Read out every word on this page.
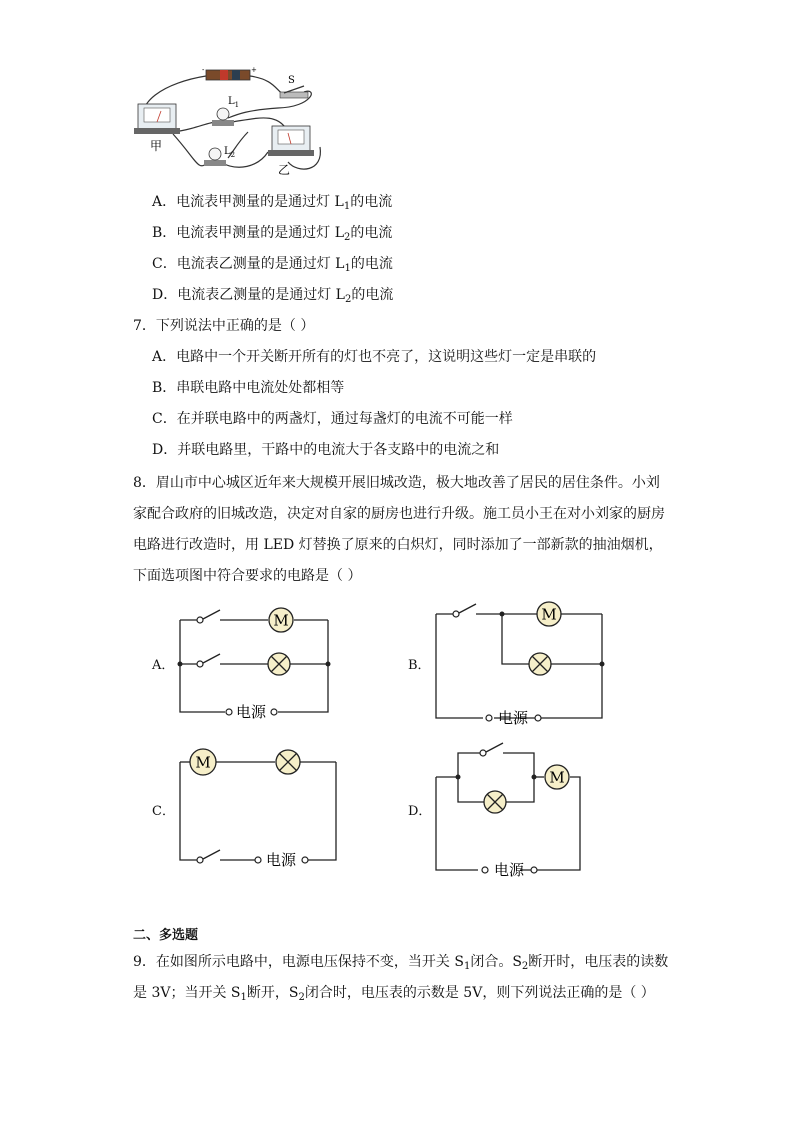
-	+
S
甲
$L_1$
$L_2$
乙
A．电流表甲测量的是通过灯 $L_1$的电流
B．电流表甲测量的是通过灯 $L_2$的电流
C．电流表乙测量的是通过灯 $L_1$的电流
D．电流表乙测量的是通过灯 $L_2$的电流
7．下列说法中正确的是（ ）
A．电路中一个开关断开所有的灯也不亮了，这说明这些灯一定是串联的
B．串联电路中电流处处都相等
C．在并联电路中的两盏灯，通过每盏灯的电流不可能一样
D．并联电路里，干路中的电流大于各支路中的电流之和
8．眉山市中心城区近年来大规模开展旧城改造，极大地改善了居民的居住条件。小刘
家配合政府的旧城改造，决定对自家的厨房也进行升级。施工员小王在对小刘家的厨房
电路进行改造时，用 LED 灯替换了原来的白炽灯，同时添加了一部新款的抽油烟机，
下面选项图中符合要求的电路是（ ）
A．
M
电源
B．
M
电源
C．
M
电源
D．
M
电源
二、多选题
9．在如图所示电路中，电源电压保持不变，当开关 $S_1$闭合。$S_2$断开时，电压表的读数
是 3V；当开关 $S_1$断开，$S_2$闭合时，电压表的示数是 5V，则下列说法正确的是（ ）
